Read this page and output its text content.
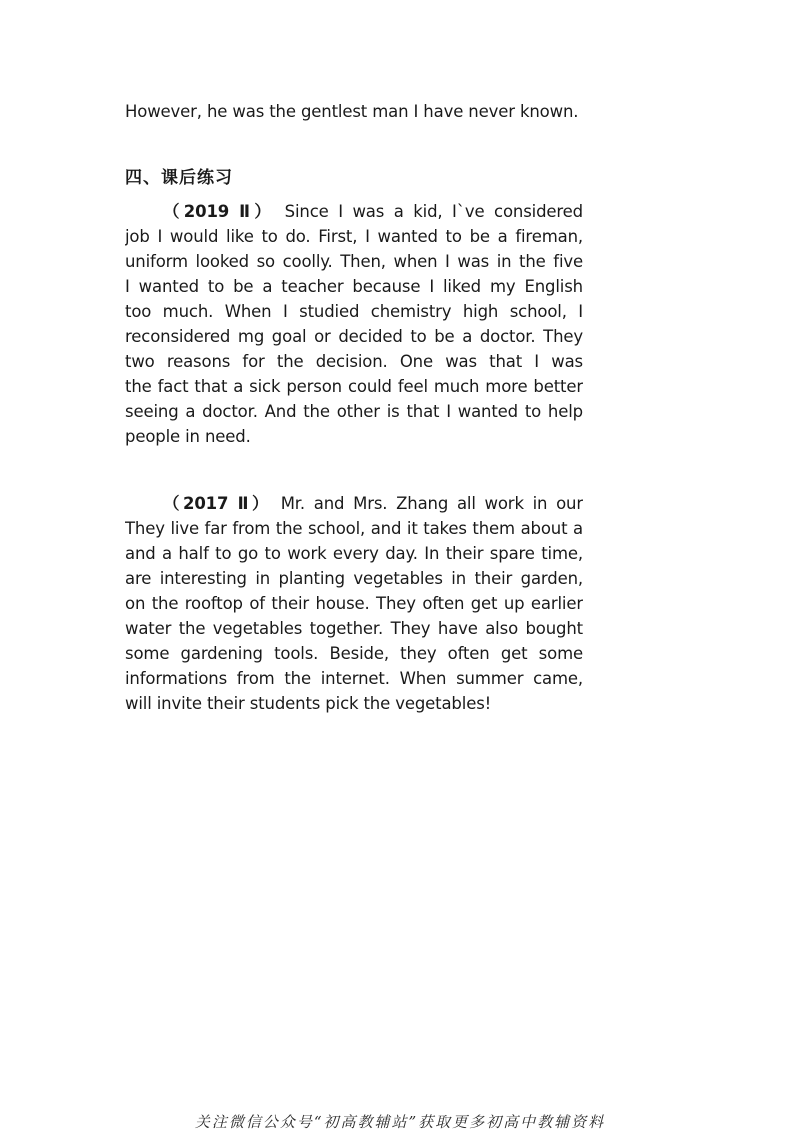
However, he was the gentlest man I have never known.
四、课后练习
（2019 Ⅱ） Since I was a kid, I`ve considered
job I would like to do. First, I wanted to be a fireman,
uniform looked so coolly. Then, when I was in the five
I wanted to be a teacher because I liked my English
too much. When I studied chemistry high school, I
reconsidered mg goal or decided to be a doctor. They
two reasons for the decision. One was that I was
the fact that a sick person could feel much more better
seeing a doctor. And the other is that I wanted to help
people in need.
（2017 Ⅱ） Mr. and Mrs. Zhang all work in our
They live far from the school, and it takes them about a
and a half to go to work every day. In their spare time,
are interesting in planting vegetables in their garden,
on the rooftop of their house. They often get up earlier
water the vegetables together. They have also bought
some gardening tools. Beside, they often get some
informations from the internet. When summer came,
will invite their students pick the vegetables!
关注微信公众号“初高教辅站”获取更多初高中教辅资料
